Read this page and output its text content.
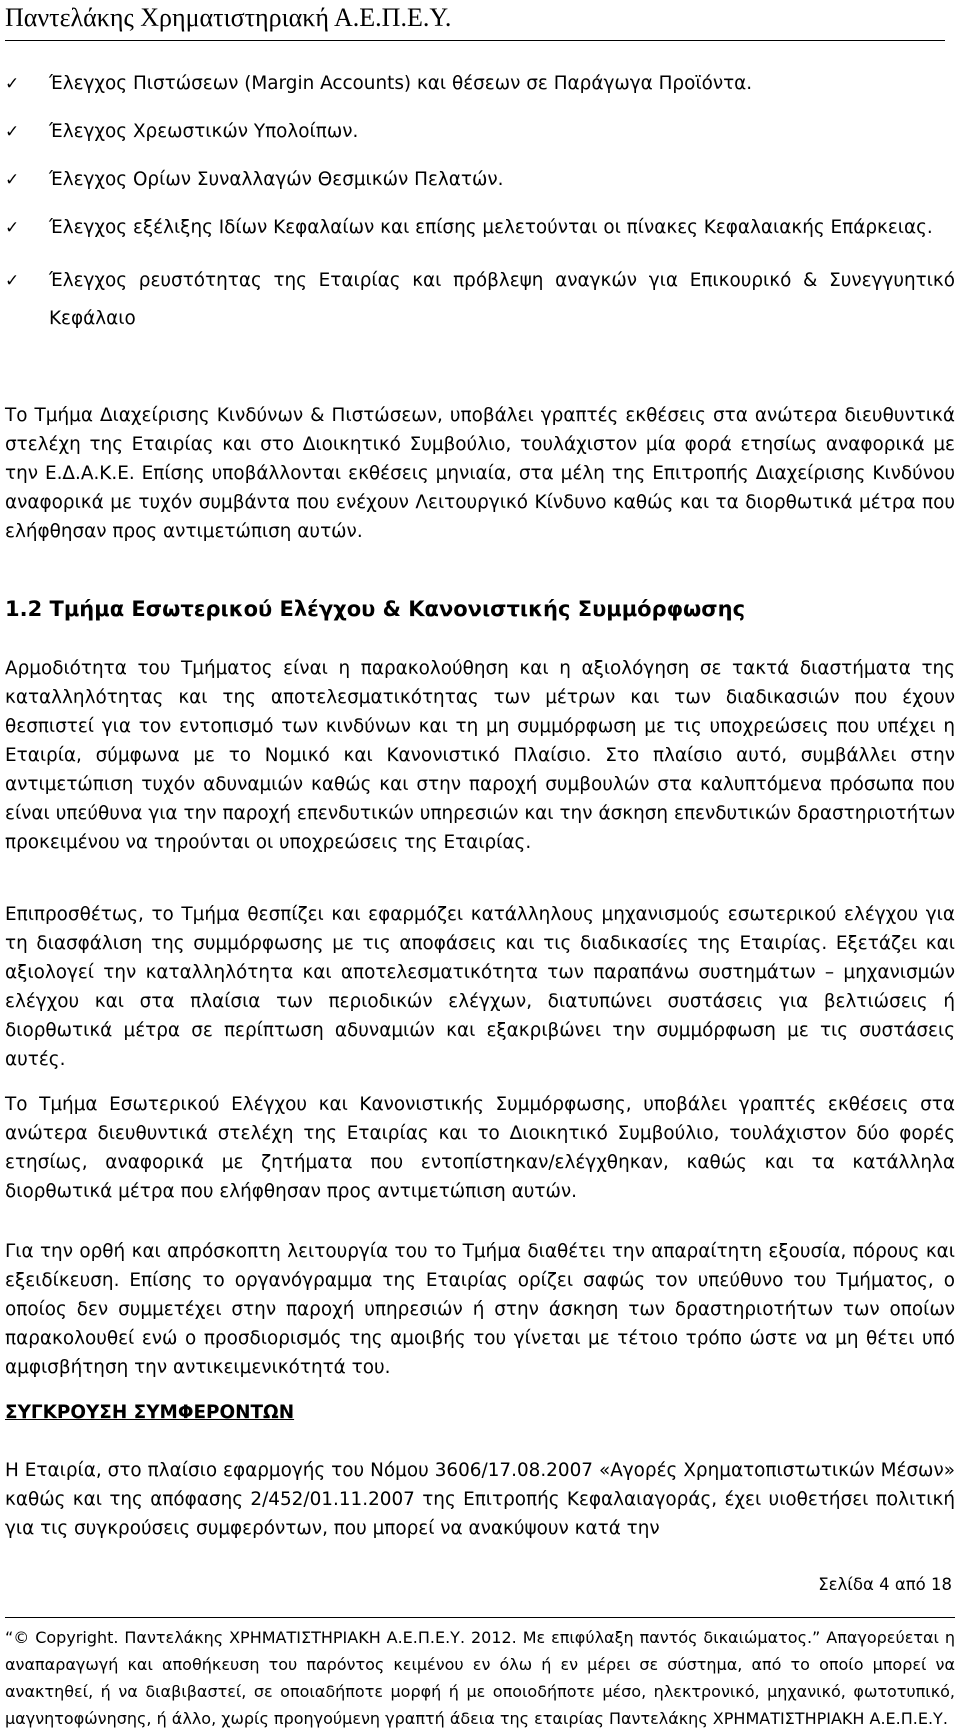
Παντελάκης Χρηματιστηριακή Α.Ε.Π.Ε.Υ.
✓ Έλεγχος Πιστώσεων (Margin Accounts) και θέσεων σε Παράγωγα Προϊόντα.
✓ Έλεγχος Χρεωστικών Υπολοίπων.
✓ Έλεγχος Ορίων Συναλλαγών Θεσμικών Πελατών.
✓ Έλεγχος εξέλιξης Ιδίων Κεφαλαίων και επίσης μελετούνται οι πίνακες Κεφαλαιακής Επάρκειας.
✓ Έλεγχος ρευστότητας της Εταιρίας και πρόβλεψη αναγκών για Επικουρικό & Συνεγγυητικό Κεφάλαιο

Το Τμήμα Διαχείρισης Κινδύνων & Πιστώσεων, υποβάλει γραπτές εκθέσεις στα ανώτερα διευθυντικά στελέχη της Εταιρίας και στο Διοικητικό Συμβούλιο, τουλάχιστον μία φορά ετησίως αναφορικά με την Ε.Δ.Α.Κ.Ε. Επίσης υποβάλλονται εκθέσεις μηνιαία, στα μέλη της Επιτροπής Διαχείρισης Κινδύνου αναφορικά με τυχόν συμβάντα που ενέχουν Λειτουργικό Κίνδυνο καθώς και τα διορθωτικά μέτρα που ελήφθησαν προς αντιμετώπιση αυτών.

1.2 Τμήμα Εσωτερικού Ελέγχου & Κανονιστικής Συμμόρφωσης

Αρμοδιότητα του Τμήματος είναι η παρακολούθηση και η αξιολόγηση σε τακτά διαστήματα της καταλληλότητας και της αποτελεσματικότητας των μέτρων και των διαδικασιών που έχουν θεσπιστεί για τον εντοπισμό των κινδύνων και τη μη συμμόρφωση με τις υποχρεώσεις που υπέχει η Εταιρία, σύμφωνα με το Νομικό και Κανονιστικό Πλαίσιο. Στο πλαίσιο αυτό, συμβάλλει στην αντιμετώπιση τυχόν αδυναμιών καθώς και στην παροχή συμβουλών στα καλυπτόμενα πρόσωπα που είναι υπεύθυνα για την παροχή επενδυτικών υπηρεσιών και την άσκηση επενδυτικών δραστηριοτήτων προκειμένου να τηρούνται οι υποχρεώσεις της Εταιρίας.

Επιπροσθέτως, το Τμήμα θεσπίζει και εφαρμόζει κατάλληλους μηχανισμούς εσωτερικού ελέγχου για τη διασφάλιση της συμμόρφωσης με τις αποφάσεις και τις διαδικασίες της Εταιρίας. Εξετάζει και αξιολογεί την καταλληλότητα και αποτελεσματικότητα των παραπάνω συστημάτων – μηχανισμών ελέγχου και στα πλαίσια των περιοδικών ελέγχων, διατυπώνει συστάσεις για βελτιώσεις ή διορθωτικά μέτρα σε περίπτωση αδυναμιών και εξακριβώνει την συμμόρφωση με τις συστάσεις αυτές.

Το Τμήμα Εσωτερικού Ελέγχου και Κανονιστικής Συμμόρφωσης, υποβάλει γραπτές εκθέσεις στα ανώτερα διευθυντικά στελέχη της Εταιρίας και το Διοικητικό Συμβούλιο, τουλάχιστον δύο φορές ετησίως, αναφορικά με ζητήματα που εντοπίστηκαν/ελέγχθηκαν, καθώς και τα κατάλληλα διορθωτικά μέτρα που ελήφθησαν προς αντιμετώπιση αυτών.

Για την ορθή και απρόσκοπτη λειτουργία του το Τμήμα διαθέτει την απαραίτητη εξουσία, πόρους και εξειδίκευση. Επίσης το οργανόγραμμα της Εταιρίας ορίζει σαφώς τον υπεύθυνο του Τμήματος, ο οποίος δεν συμμετέχει στην παροχή υπηρεσιών ή στην άσκηση των δραστηριοτήτων των οποίων παρακολουθεί ενώ ο προσδιορισμός της αμοιβής του γίνεται με τέτοιο τρόπο ώστε να μη θέτει υπό αμφισβήτηση την αντικειμενικότητά του.

ΣΥΓΚΡΟΥΣΗ ΣΥΜΦΕΡΟΝΤΩΝ

Η Εταιρία, στο πλαίσιο εφαρμογής του Νόμου 3606/17.08.2007 «Αγορές Χρηματοπιστωτικών Μέσων» καθώς και της απόφασης 2/452/01.11.2007 της Επιτροπής Κεφαλαιαγοράς, έχει υιοθετήσει πολιτική για τις συγκρούσεις συμφερόντων, που μπορεί να ανακύψουν κατά την

Σελίδα 4 από 18
“© Copyright. Παντελάκης ΧΡΗΜΑΤΙΣΤΗΡΙΑΚΗ Α.Ε.Π.Ε.Υ. 2012. Με επιφύλαξη παντός δικαιώματος.” Απαγορεύεται η αναπαραγωγή και αποθήκευση του παρόντος κειμένου εν όλω ή εν μέρει σε σύστημα, από το οποίο μπορεί να ανακτηθεί, ή να διαβιβαστεί, σε οποιαδήποτε μορφή ή με οποιοδήποτε μέσο, ηλεκτρονικό, μηχανικό, φωτοτυπικό, μαγνητοφώνησης, ή άλλο, χωρίς προηγούμενη γραπτή άδεια της εταιρίας Παντελάκης ΧΡΗΜΑΤΙΣΤΗΡΙΑΚΗ Α.Ε.Π.Ε.Υ.
